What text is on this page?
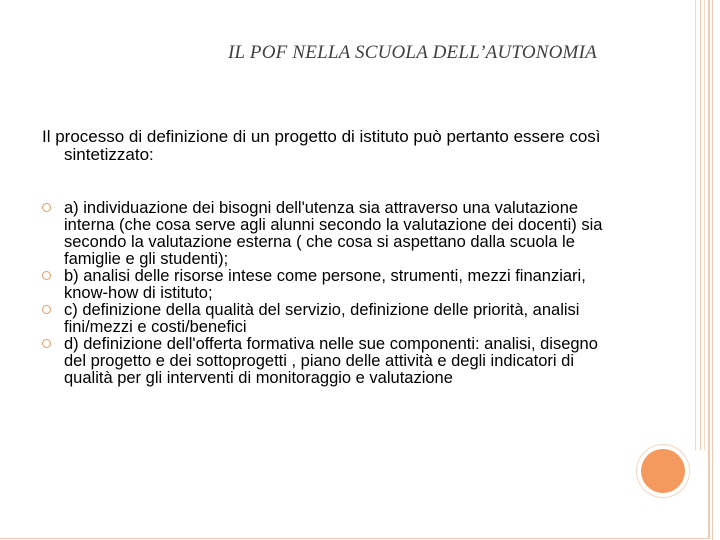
IL POF NELLA SCUOLA DELL’AUTONOMIA
Il processo di definizione di un progetto di istituto può pertanto essere così sintetizzato:
a) individuazione dei bisogni dell'utenza sia attraverso una valutazione interna (che cosa serve agli alunni secondo la valutazione dei docenti) sia secondo la valutazione esterna ( che cosa si aspettano dalla scuola le famiglie e gli studenti);
b) analisi delle risorse intese come persone, strumenti, mezzi finanziari, know-how di istituto;
c) definizione della qualità del servizio, definizione delle priorità, analisi fini/mezzi e costi/benefici
d) definizione dell'offerta formativa nelle sue componenti: analisi, disegno del progetto e dei sottoprogetti , piano delle attività e degli indicatori di qualità per gli interventi di monitoraggio e valutazione
